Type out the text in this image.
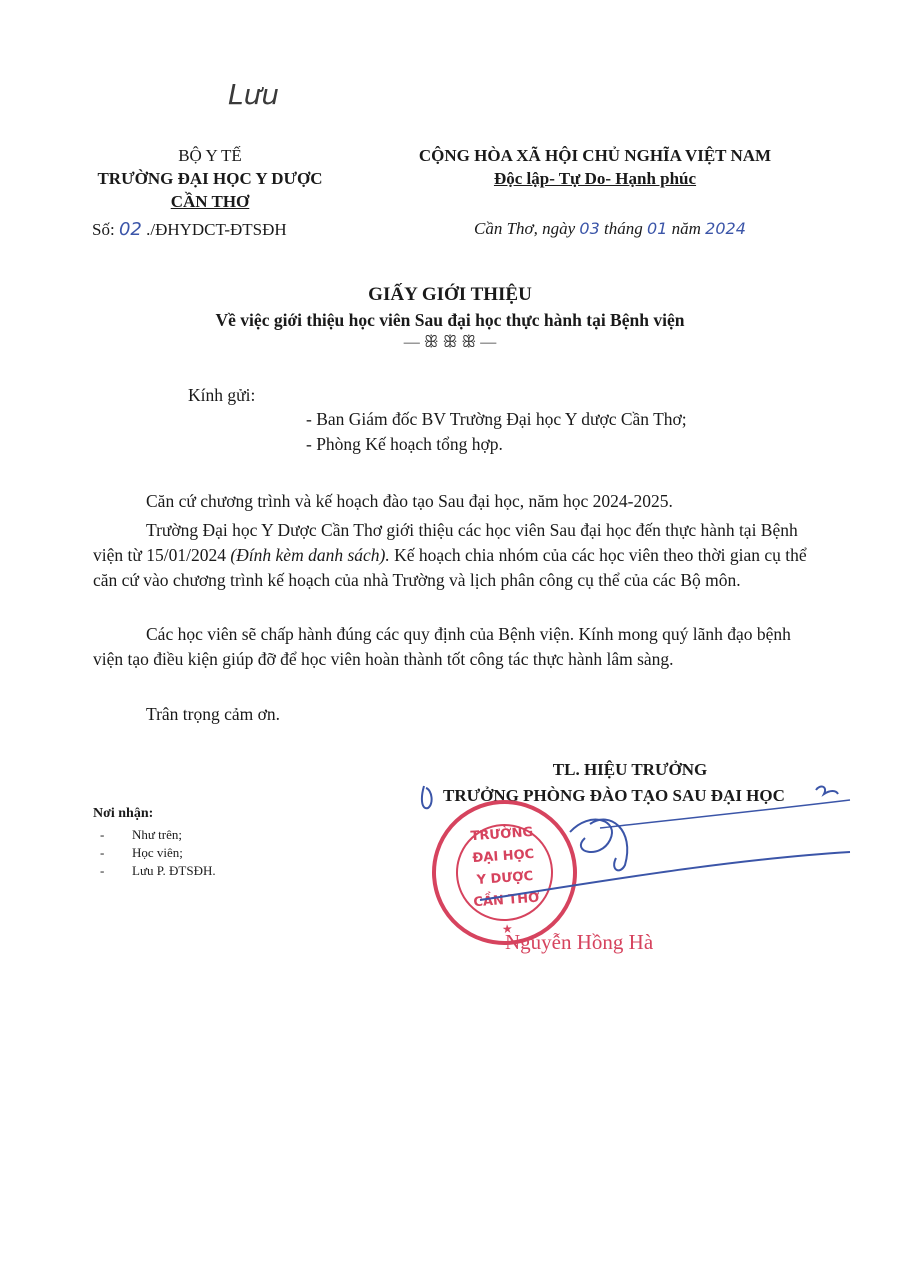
Lưu
BỘ Y TẾ
TRƯỜNG ĐẠI HỌC Y DƯỢC
CẦN THƠ
Số: 02 ./ĐHYDCT-ĐTSĐH
CỘNG HÒA XÃ HỘI CHỦ NGHĨA VIỆT NAM
Độc lập- Tự Do- Hạnh phúc
Cần Thơ, ngày 03 tháng 01 năm 2024
GIẤY GIỚI THIỆU
Về việc giới thiệu học viên Sau đại học thực hành tại Bệnh viện
— ꕥ ꕥ ꕥ —
Kính gửi:
- Ban Giám đốc BV Trường Đại học Y dược Cần Thơ;
- Phòng Kế hoạch tổng hợp.
Căn cứ chương trình và kế hoạch đào tạo Sau đại học, năm học 2024-2025.
Trường Đại học Y Dược Cần Thơ giới thiệu các học viên Sau đại học đến thực hành tại Bệnh viện từ 15/01/2024 (Đính kèm danh sách). Kế hoạch chia nhóm của các học viên theo thời gian cụ thể căn cứ vào chương trình kế hoạch của nhà Trường và lịch phân công cụ thể của các Bộ môn.
Các học viên sẽ chấp hành đúng các quy định của Bệnh viện. Kính mong quý lãnh đạo bệnh viện tạo điều kiện giúp đỡ để học viên hoàn thành tốt công tác thực hành lâm sàng.
Trân trọng cảm ơn.
TL. HIỆU TRƯỞNG
TRƯỞNG PHÒNG ĐÀO TẠO SAU ĐẠI HỌC
Nơi nhận:
- Như trên;
- Học viên;
- Lưu P. ĐTSĐH.
TRƯỜNG
ĐẠI HỌC
Y DƯỢC
CẦN THƠ
★
Nguyễn Hồng Hà
